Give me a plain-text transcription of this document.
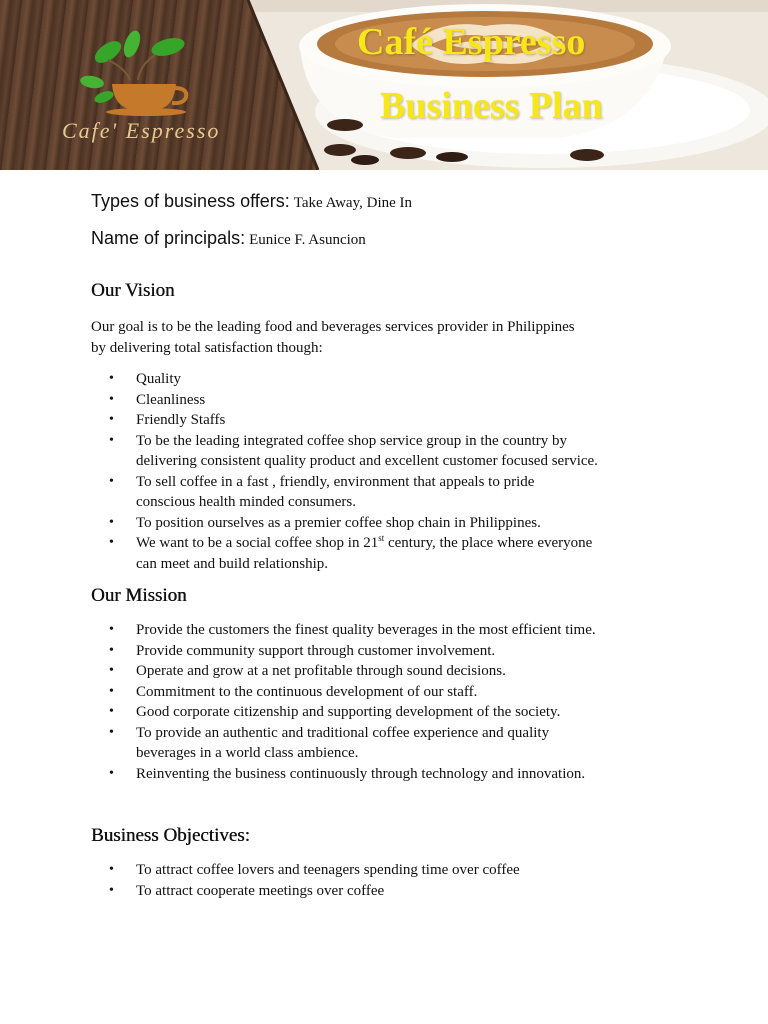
Café Espresso
Business Plan
Cafe' Espresso
Types of business offers: Take Away, Dine In
Name of principals: Eunice F. Asuncion
Our Vision

Our goal is to be the leading food and beverages services provider in Philippines
by delivering total satisfaction though:

• Quality
• Cleanliness
• Friendly Staffs
• To be the leading integrated coffee shop service group in the country by
delivering consistent quality product and excellent customer focused service.
• To sell coffee in a fast , friendly, environment that appeals to pride
conscious health minded consumers.
• To position ourselves as a premier coffee shop chain in Philippines.
• We want to be a social coffee shop in 21st century, the place where everyone
can meet and build relationship.
Our Mission
• Provide the customers the finest quality beverages in the most efficient time.
• Provide community support through customer involvement.
• Operate and grow at a net profitable through sound decisions.
• Commitment to the continuous development of our staff.
• Good corporate citizenship and supporting development of the society.
• To provide an authentic and traditional coffee experience and quality
beverages in a world class ambience.
• Reinventing the business continuously through technology and innovation.
Business Objectives:
• To attract coffee lovers and teenagers spending time over coffee
• To attract cooperate meetings over coffee
